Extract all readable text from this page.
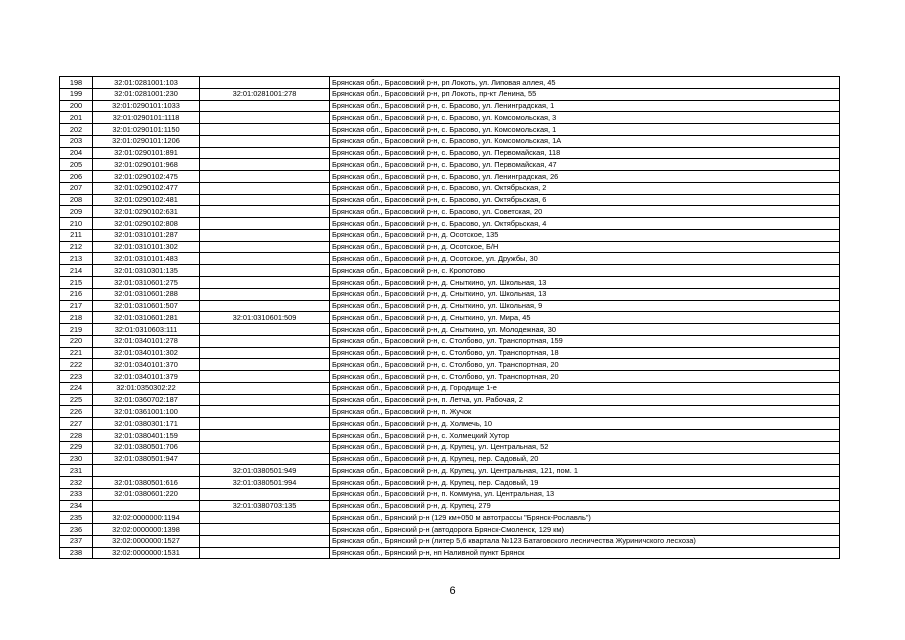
198	32:01:0281001:103		Брянская обл., Брасовский р-н, рп Локоть, ул. Липовая аллея, 45
199	32:01:0281001:230	32:01:0281001:278	Брянская обл., Брасовский р-н, рп Локоть, пр-кт Ленина, 55
200	32:01:0290101:1033		Брянская обл., Брасовский р-н, с. Брасово, ул. Ленинградская, 1
201	32:01:0290101:1118		Брянская обл., Брасовский р-н, с. Брасово, ул. Комсомольская, 3
202	32:01:0290101:1150		Брянская обл., Брасовский р-н, с. Брасово, ул. Комсомольская, 1
203	32:01:0290101:1206		Брянская обл., Брасовский р-н, с. Брасово, ул. Комсомольская, 1А
204	32:01:0290101:891		Брянская обл., Брасовский р-н, с. Брасово, ул. Первомайская, 118
205	32:01:0290101:968		Брянская обл., Брасовский р-н, с. Брасово, ул. Первомайская, 47
206	32:01:0290102:475		Брянская обл., Брасовский р-н, с. Брасово, ул. Ленинградская, 26
207	32:01:0290102:477		Брянская обл., Брасовский р-н, с. Брасово, ул. Октябрьская, 2
208	32:01:0290102:481		Брянская обл., Брасовский р-н, с. Брасово, ул. Октябрьская, 6
209	32:01:0290102:631		Брянская обл., Брасовский р-н, с. Брасово, ул. Советская, 20
210	32:01:0290102:808		Брянская обл., Брасовский р-н, с. Брасово, ул. Октябрьская, 4
211	32:01:0310101:287		Брянская обл., Брасовский р-н, д. Осотское, 135
212	32:01:0310101:302		Брянская обл., Брасовский р-н, д. Осотское, Б/Н
213	32:01:0310101:483		Брянская обл., Брасовский р-н, д. Осотское, ул. Дружбы, 30
214	32:01:0310301:135		Брянская обл., Брасовский р-н, с. Кропотово
215	32:01:0310601:275		Брянская обл., Брасовский р-н, д. Сныткино, ул. Школьная, 13
216	32:01:0310601:288		Брянская обл., Брасовский р-н, д. Сныткино, ул. Школьная, 13
217	32:01:0310601:507		Брянская обл., Брасовский р-н, д. Сныткино, ул. Школьная, 9
218	32:01:0310601:281	32:01:0310601:509	Брянская обл., Брасовский р-н, д. Сныткино, ул. Мира, 45
219	32:01:0310603:111		Брянская обл., Брасовский р-н, д. Сныткино, ул. Молодежная, 30
220	32:01:0340101:278		Брянская обл., Брасовский р-н, с. Столбово, ул. Транспортная, 159
221	32:01:0340101:302		Брянская обл., Брасовский р-н, с. Столбово, ул. Транспортная, 18
222	32:01:0340101:370		Брянская обл., Брасовский р-н, с. Столбово, ул. Транспортная, 20
223	32:01:0340101:379		Брянская обл., Брасовский р-н, с. Столбово, ул. Транспортная, 20
224	32:01:0350302:22		Брянская обл., Брасовский р-н, д. Городище 1-е
225	32:01:0360702:187		Брянская обл., Брасовский р-н, п. Летча, ул. Рабочая, 2
226	32:01:0361001:100		Брянская обл., Брасовский р-н, п. Жучок
227	32:01:0380301:171		Брянская обл., Брасовский р-н, д. Холмечь, 10
228	32:01:0380401:159		Брянская обл., Брасовский р-н, с. Холмецкий Хутор
229	32:01:0380501:706		Брянская обл., Брасовский р-н, д. Крупец, ул. Центральная, 52
230	32:01:0380501:947		Брянская обл., Брасовский р-н, д. Крупец, пер. Садовый, 20
231		32:01:0380501:949	Брянская обл., Брасовский р-н, д. Крупец, ул. Центральная, 121, пом. 1
232	32:01:0380501:616	32:01:0380501:994	Брянская обл., Брасовский р-н, д. Крупец, пер. Садовый, 19
233	32:01:0380601:220		Брянская обл., Брасовский р-н, п. Коммуна, ул. Центральная, 13
234		32:01:0380703:135	Брянская обл., Брасовский р-н, д. Крупец, 279
235	32:02:0000000:1194		Брянская обл., Брянский р-н (129 км+050 м автотрассы "Брянск-Рославль")
236	32:02:0000000:1398		Брянская обл., Брянский р-н (автодорога Брянск-Смоленск, 129 км)
237	32:02:0000000:1527		Брянская обл., Брянский р-н (литер 5,6 квартала №123 Батаговского лесничества Журиничского лесхоза)
238	32:02:0000000:1531		Брянская обл., Брянский р-н, нп Наливной пункт Брянск
6
